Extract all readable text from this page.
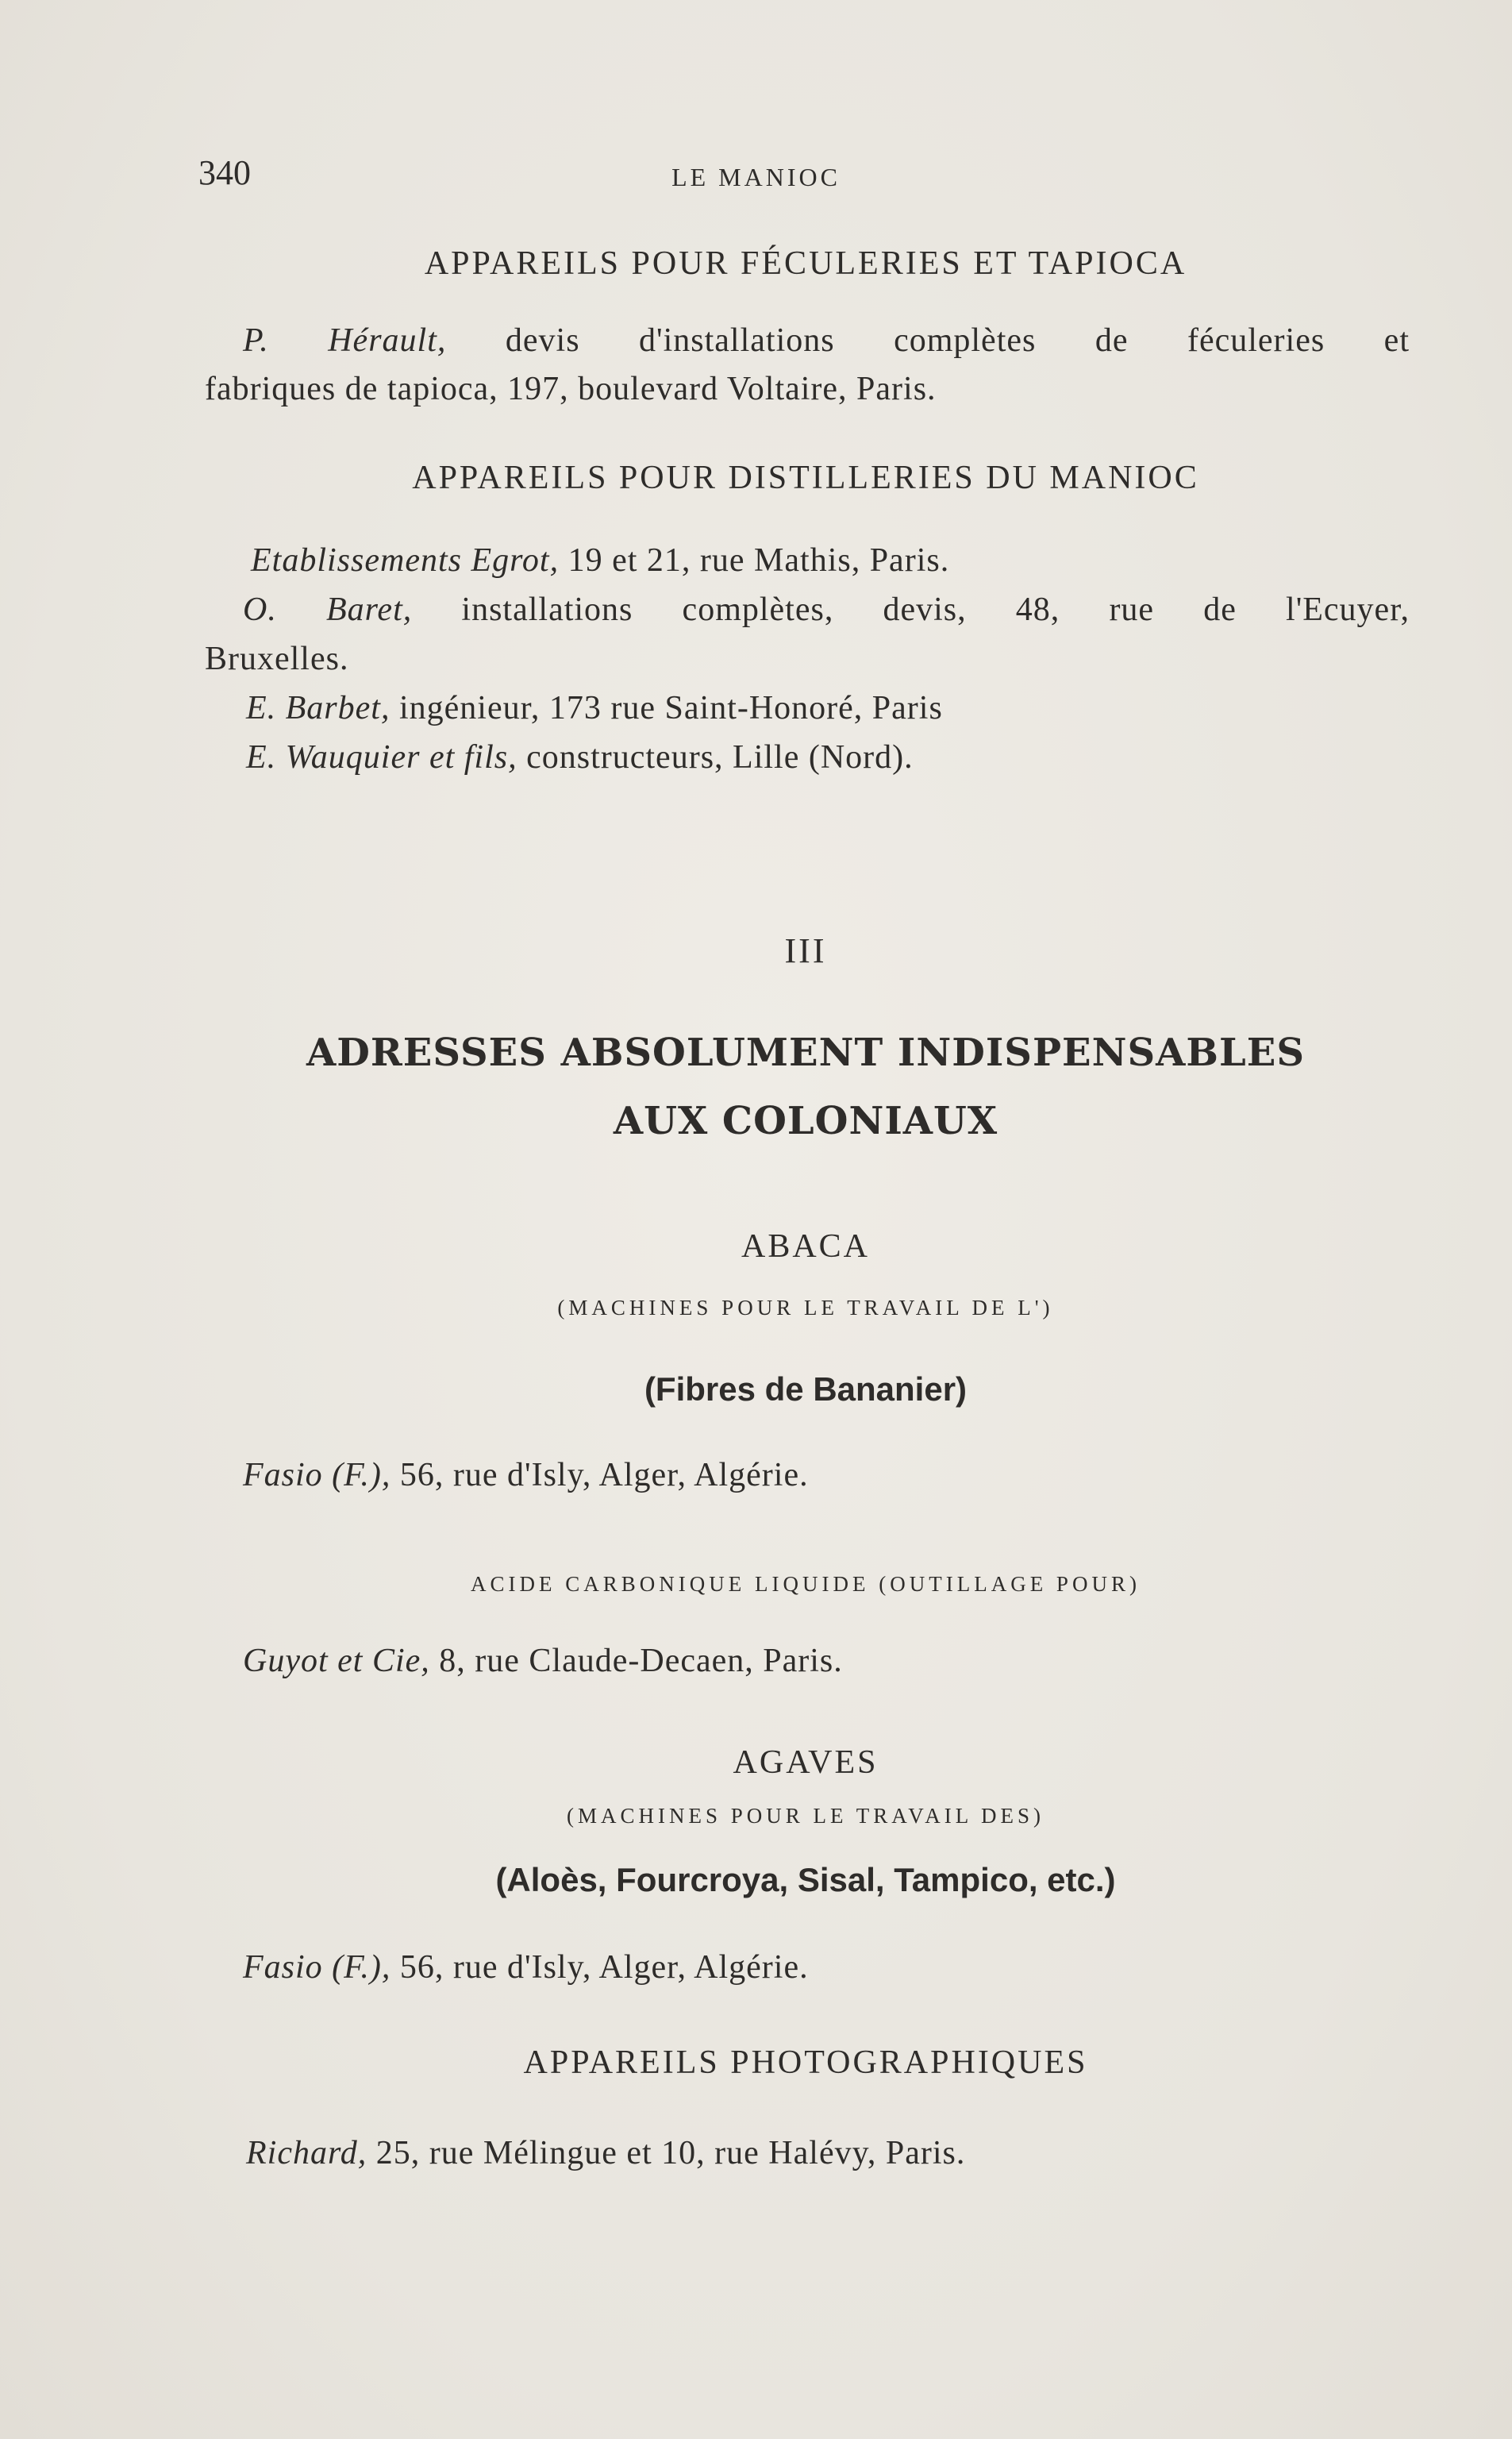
340	LE MANIOC
APPAREILS POUR FÉCULERIES ET TAPIOCA
P. Hérault, devis d'installations complètes de féculeries et
fabriques de tapioca, 197, boulevard Voltaire, Paris.
APPAREILS POUR DISTILLERIES DU MANIOC
Etablissements Egrot, 19 et 21, rue Mathis, Paris.
O. Baret, installations complètes, devis, 48, rue de l'Ecuyer,
Bruxelles.
E. Barbet, ingénieur, 173 rue Saint-Honoré, Paris
E. Wauquier et fils, constructeurs, Lille (Nord).
III
ADRESSES ABSOLUMENT INDISPENSABLES
AUX COLONIAUX
ABACA
(MACHINES POUR LE TRAVAIL DE L')
(Fibres de Bananier)
Fasio (F.), 56, rue d'Isly, Alger, Algérie.
ACIDE CARBONIQUE LIQUIDE (OUTILLAGE POUR)
Guyot et Cie, 8, rue Claude-Decaen, Paris.
AGAVES
(MACHINES POUR LE TRAVAIL DES)
(Aloès, Fourcroya, Sisal, Tampico, etc.)
Fasio (F.), 56, rue d'Isly, Alger, Algérie.
APPAREILS PHOTOGRAPHIQUES
Richard, 25, rue Mélingue et 10, rue Halévy, Paris.
